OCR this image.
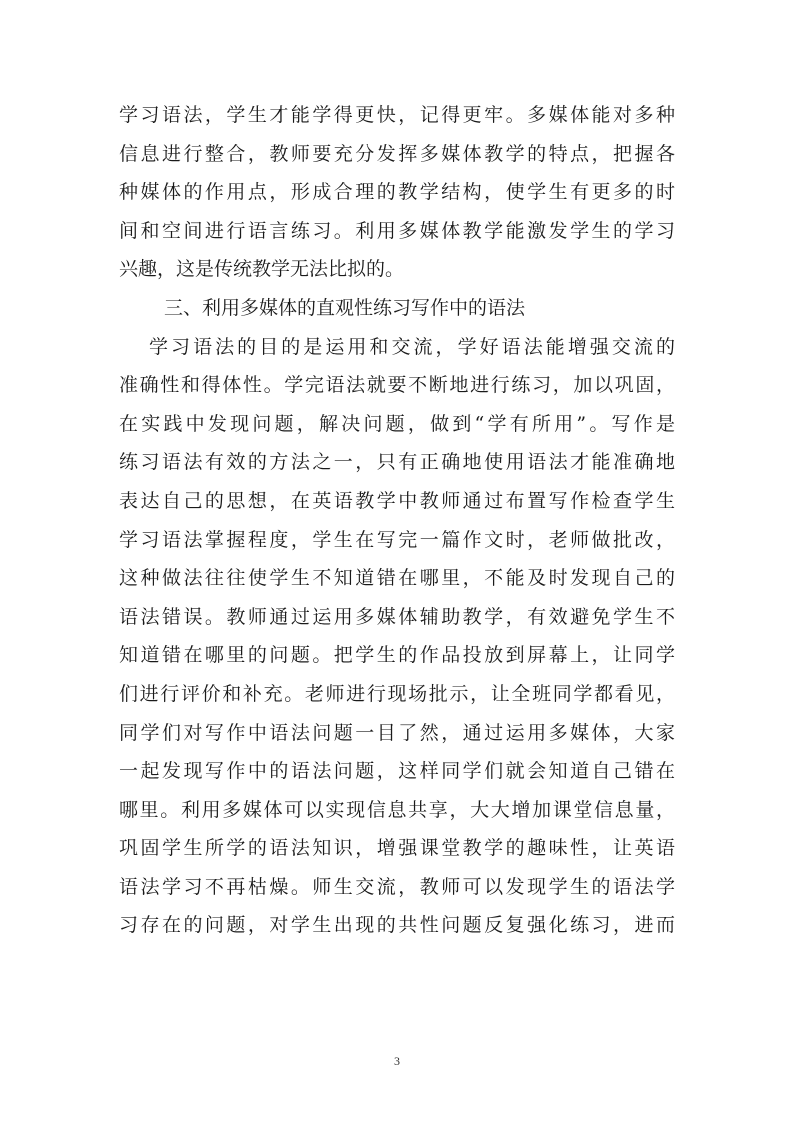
学习语法，学生才能学得更快，记得更牢。多媒体能对多种
信息进行整合，教师要充分发挥多媒体教学的特点，把握各
种媒体的作用点，形成合理的教学结构，使学生有更多的时
间和空间进行语言练习。利用多媒体教学能激发学生的学习
兴趣，这是传统教学无法比拟的。
三、利用多媒体的直观性练习写作中的语法
学习语法的目的是运用和交流，学好语法能增强交流的
准确性和得体性。学完语法就要不断地进行练习，加以巩固，
在实践中发现问题，解决问题，做到“学有所用”。写作是
练习语法有效的方法之一，只有正确地使用语法才能准确地
表达自己的思想，在英语教学中教师通过布置写作检查学生
学习语法掌握程度，学生在写完一篇作文时，老师做批改，
这种做法往往使学生不知道错在哪里，不能及时发现自己的
语法错误。教师通过运用多媒体辅助教学，有效避免学生不
知道错在哪里的问题。把学生的作品投放到屏幕上，让同学
们进行评价和补充。老师进行现场批示，让全班同学都看见，
同学们对写作中语法问题一目了然，通过运用多媒体，大家
一起发现写作中的语法问题，这样同学们就会知道自己错在
哪里。利用多媒体可以实现信息共享，大大增加课堂信息量，
巩固学生所学的语法知识，增强课堂教学的趣味性，让英语
语法学习不再枯燥。师生交流，教师可以发现学生的语法学
习存在的问题，对学生出现的共性问题反复强化练习，进而
3
